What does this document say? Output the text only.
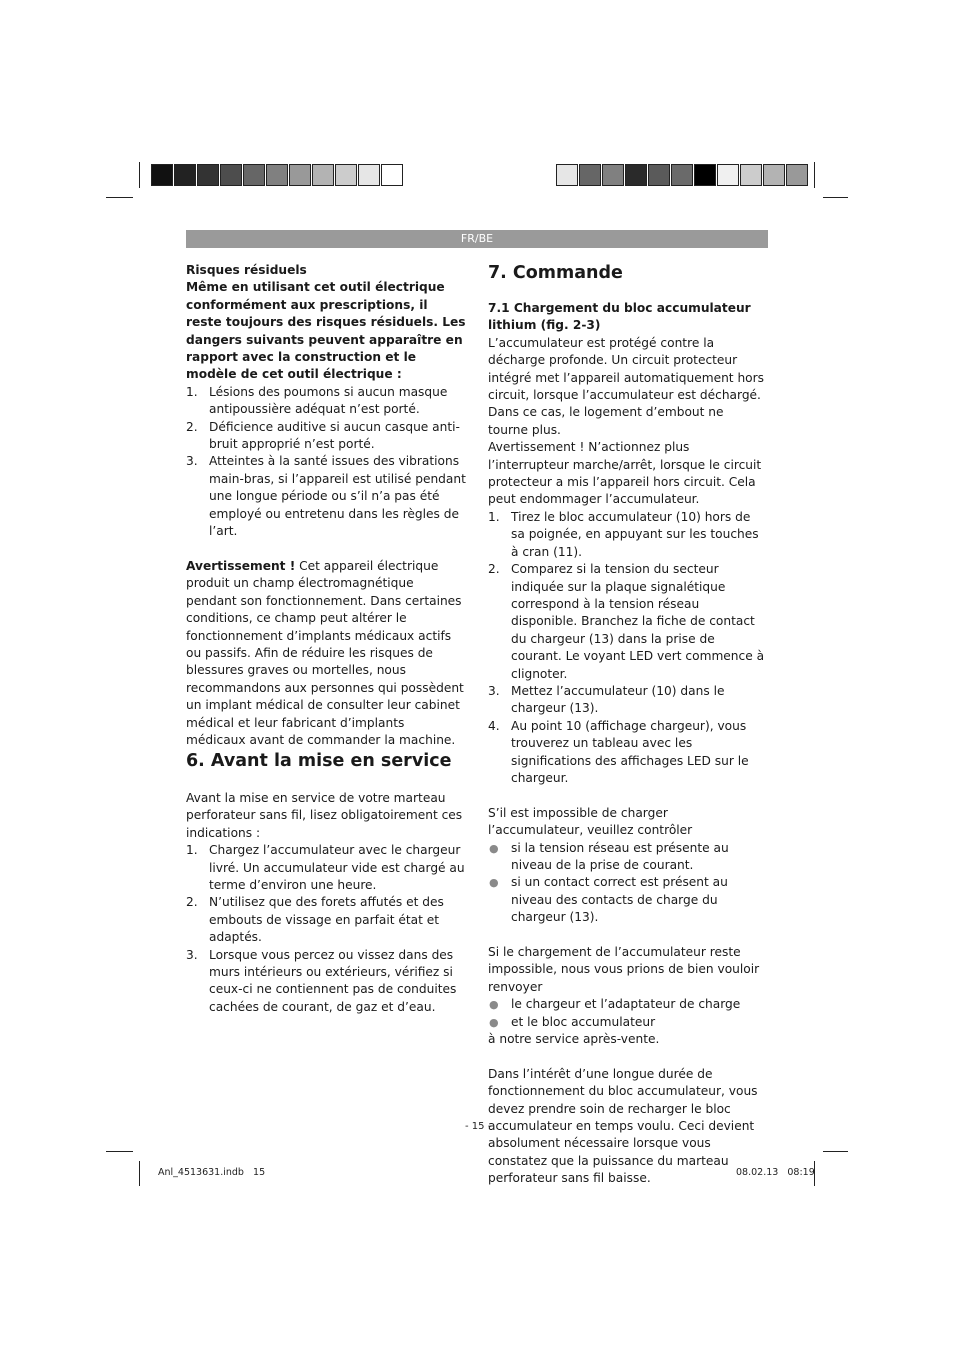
FR/BE

Risques résiduels

Même en utilisant cet outil électrique conformément aux prescriptions, il reste toujours des risques résiduels. Les dangers suivants peuvent apparaître en rapport avec la construction et le modèle de cet outil électrique :

1. Lésions des poumons si aucun masque antipoussière adéquat n’est porté.
2. Déficience auditive si aucun casque anti-bruit approprié n’est porté.
3. Atteintes à la santé issues des vibrations main-bras, si l’appareil est utilisé pendant une longue période ou s’il n’a pas été employé ou entretenu dans les règles de l’art.

Avertissement ! Cet appareil électrique produit un champ électromagnétique pendant son fonctionnement. Dans certaines conditions, ce champ peut altérer le fonctionnement d’implants médicaux actifs ou passifs. Afin de réduire les risques de blessures graves ou mortelles, nous recommandons aux personnes qui possèdent un implant médical de consulter leur cabinet médical et leur fabricant d’implants médicaux avant de commander la machine.

6. Avant la mise en service

Avant la mise en service de votre marteau perforateur sans fil, lisez obligatoirement ces indications :

1. Chargez l’accumulateur avec le chargeur livré. Un accumulateur vide est chargé au terme d’environ une heure.
2. N’utilisez que des forets affutés et des embouts de vissage en parfait état et adaptés.
3. Lorsque vous percez ou vissez dans des murs intérieurs ou extérieurs, vérifiez si ceux-ci ne contiennent pas de conduites cachées de courant, de gaz et d’eau.
7. Commande
7.1 Chargement du bloc accumulateur lithium (fig. 2-3)

L’accumulateur est protégé contre la décharge profonde. Un circuit protecteur intégré met l’appareil automatiquement hors circuit, lorsque l’accumulateur est déchargé. Dans ce cas, le logement d’embout ne tourne plus.

Avertissement ! N’actionnez plus l’interrupteur marche/arrêt, lorsque le circuit protecteur a mis l’appareil hors circuit. Cela peut endommager l’accumulateur.

1. Tirez le bloc accumulateur (10) hors de sa poignée, en appuyant sur les touches à cran (11).
2. Comparez si la tension du secteur indiquée sur la plaque signalétique correspond à la tension réseau disponible. Branchez la fiche de contact du chargeur (13) dans la prise de courant. Le voyant LED vert commence à clignoter.
3. Mettez l’accumulateur (10) dans le chargeur (13).
4. Au point 10 (affichage chargeur), vous trouverez un tableau avec les significations des affichages LED sur le chargeur.

S’il est impossible de charger l’accumulateur, veuillez contrôler

● si la tension réseau est présente au niveau de la prise de courant.
● si un contact correct est présent au niveau des contacts de charge du chargeur (13).

Si le chargement de l’accumulateur reste impossible, nous vous prions de bien vouloir renvoyer

● le chargeur et l’adaptateur de charge
● et le bloc accumulateur

à notre service après-vente.

Dans l’intérêt d’une longue durée de fonctionnement du bloc accumulateur, vous devez prendre soin de recharger le bloc accumulateur en temps voulu. Ceci devient absolument nécessaire lorsque vous constatez que la puissance du marteau perforateur sans fil baisse.

- 15 -
Anl_4513631.indb   15	08.02.13   08:19
